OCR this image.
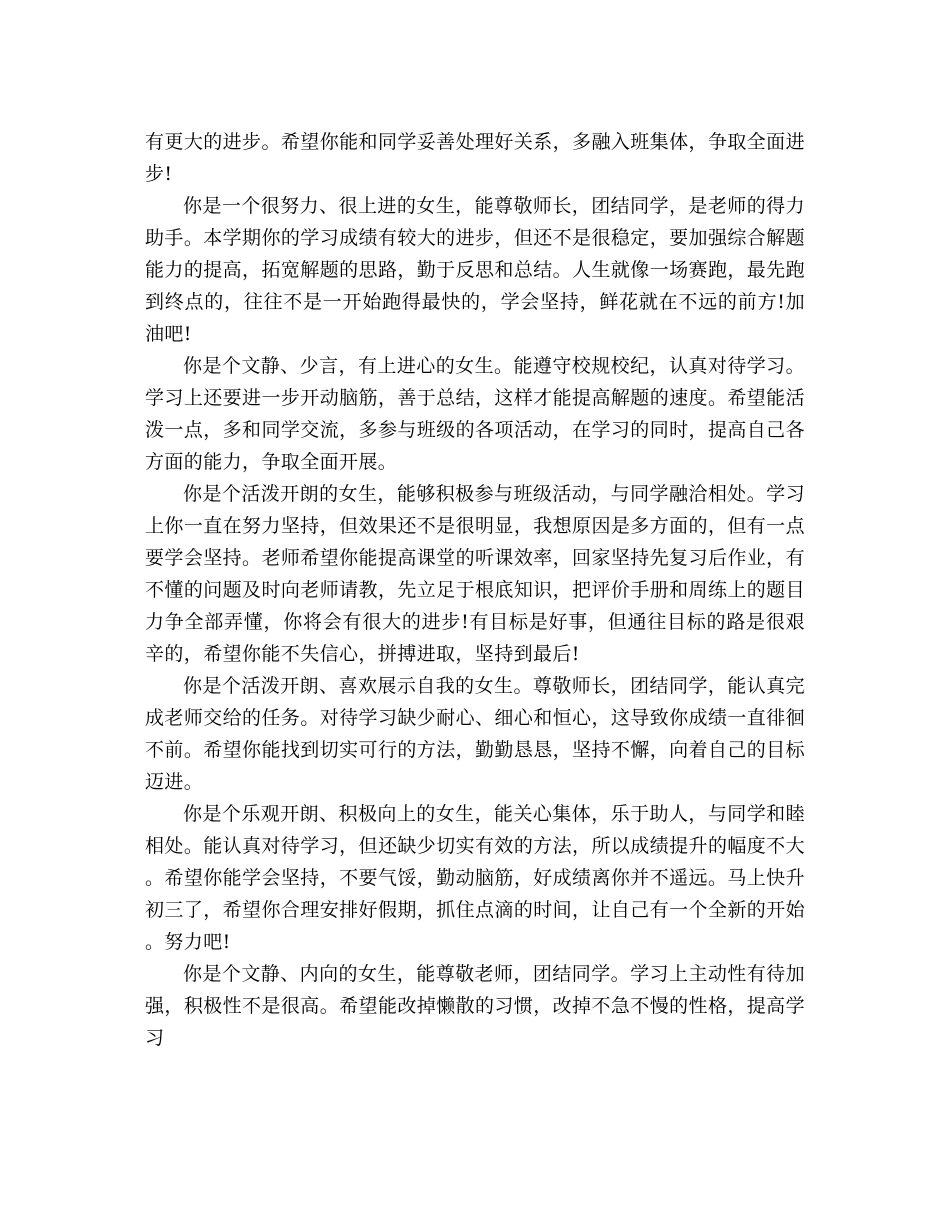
有更大的进步。希望你能和同学妥善处理好关系，多融入班集体，争取全面进步!

你是一个很努力、很上进的女生，能尊敬师长，团结同学，是老师的得力助手。本学期你的学习成绩有较大的进步，但还不是很稳定，要加强综合解题能力的提高，拓宽解题的思路，勤于反思和总结。人生就像一场赛跑，最先跑到终点的，往往不是一开始跑得最快的，学会坚持，鲜花就在不远的前方!加油吧!

你是个文静、少言，有上进心的女生。能遵守校规校纪，认真对待学习。学习上还要进一步开动脑筋，善于总结，这样才能提高解题的速度。希望能活泼一点，多和同学交流，多参与班级的各项活动，在学习的同时，提高自己各方面的能力，争取全面开展。

你是个活泼开朗的女生，能够积极参与班级活动，与同学融洽相处。学习上你一直在努力坚持，但效果还不是很明显，我想原因是多方面的，但有一点要学会坚持。老师希望你能提高课堂的听课效率，回家坚持先复习后作业，有不懂的问题及时向老师请教，先立足于根底知识，把评价手册和周练上的题目力争全部弄懂，你将会有很大的进步!有目标是好事，但通往目标的路是很艰辛的，希望你能不失信心，拼搏进取，坚持到最后!

你是个活泼开朗、喜欢展示自我的女生。尊敬师长，团结同学，能认真完成老师交给的任务。对待学习缺少耐心、细心和恒心，这导致你成绩一直徘徊不前。希望你能找到切实可行的方法，勤勤恳恳，坚持不懈，向着自己的目标迈进。

你是个乐观开朗、积极向上的女生，能关心集体，乐于助人，与同学和睦相处。能认真对待学习，但还缺少切实有效的方法，所以成绩提升的幅度不大。希望你能学会坚持，不要气馁，勤动脑筋，好成绩离你并不遥远。马上快升初三了，希望你合理安排好假期，抓住点滴的时间，让自己有一个全新的开始。努力吧!

你是个文静、内向的女生，能尊敬老师，团结同学。学习上主动性有待加强，积极性不是很高。希望能改掉懒散的习惯，改掉不急不慢的性格，提高学习
